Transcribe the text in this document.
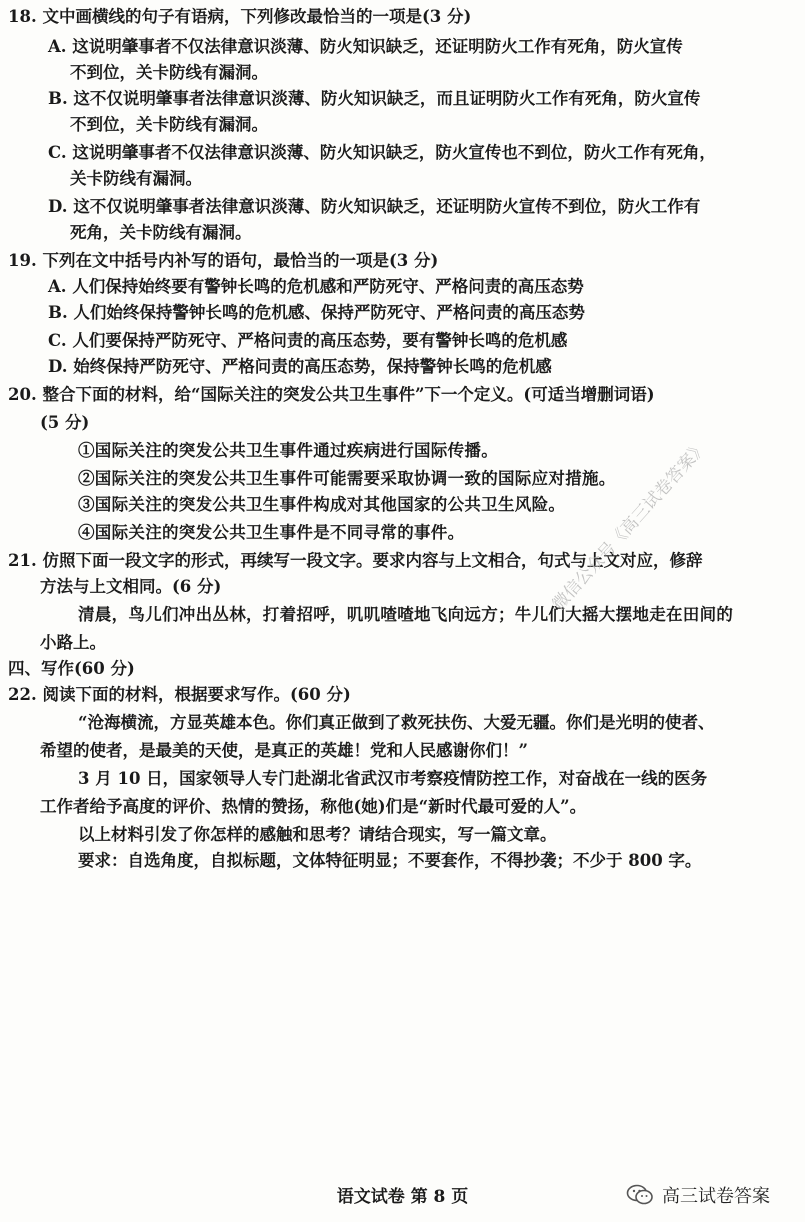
18. 文中画横线的句子有语病，下列修改最恰当的一项是(3 分)
A. 这说明肇事者不仅法律意识淡薄、防火知识缺乏，还证明防火工作有死角，防火宣传
不到位，关卡防线有漏洞。
B. 这不仅说明肇事者法律意识淡薄、防火知识缺乏，而且证明防火工作有死角，防火宣传
不到位，关卡防线有漏洞。
C. 这说明肇事者不仅法律意识淡薄、防火知识缺乏，防火宣传也不到位，防火工作有死角，
关卡防线有漏洞。
D. 这不仅说明肇事者法律意识淡薄、防火知识缺乏，还证明防火宣传不到位，防火工作有
死角，关卡防线有漏洞。
19. 下列在文中括号内补写的语句，最恰当的一项是(3 分)
A. 人们保持始终要有警钟长鸣的危机感和严防死守、严格问责的高压态势
B. 人们始终保持警钟长鸣的危机感、保持严防死守、严格问责的高压态势
C. 人们要保持严防死守、严格问责的高压态势，要有警钟长鸣的危机感
D. 始终保持严防死守、严格问责的高压态势，保持警钟长鸣的危机感
20. 整合下面的材料，给“国际关注的突发公共卫生事件”下一个定义。(可适当增删词语)
(5 分)
①国际关注的突发公共卫生事件通过疾病进行国际传播。
②国际关注的突发公共卫生事件可能需要采取协调一致的国际应对措施。
③国际关注的突发公共卫生事件构成对其他国家的公共卫生风险。
④国际关注的突发公共卫生事件是不同寻常的事件。
21. 仿照下面一段文字的形式，再续写一段文字。要求内容与上文相合，句式与上文对应，修辞
方法与上文相同。(6 分)
清晨，鸟儿们冲出丛林，打着招呼，叽叽喳喳地飞向远方；牛儿们大摇大摆地走在田间的
小路上。
四、写作(60 分)
22. 阅读下面的材料，根据要求写作。(60 分)
“沧海横流，方显英雄本色。你们真正做到了救死扶伤、大爱无疆。你们是光明的使者、
希望的使者，是最美的天使，是真正的英雄！党和人民感谢你们！”
3 月 10 日，国家领导人专门赴湖北省武汉市考察疫情防控工作，对奋战在一线的医务
工作者给予高度的评价、热情的赞扬，称他(她)们是“新时代最可爱的人”。
以上材料引发了你怎样的感触和思考？请结合现实，写一篇文章。
要求：自选角度，自拟标题，文体特征明显；不要套作，不得抄袭；不少于 800 字。
微信公众号《高三试卷答案》
语文试卷 第 8 页	高三试卷答案
